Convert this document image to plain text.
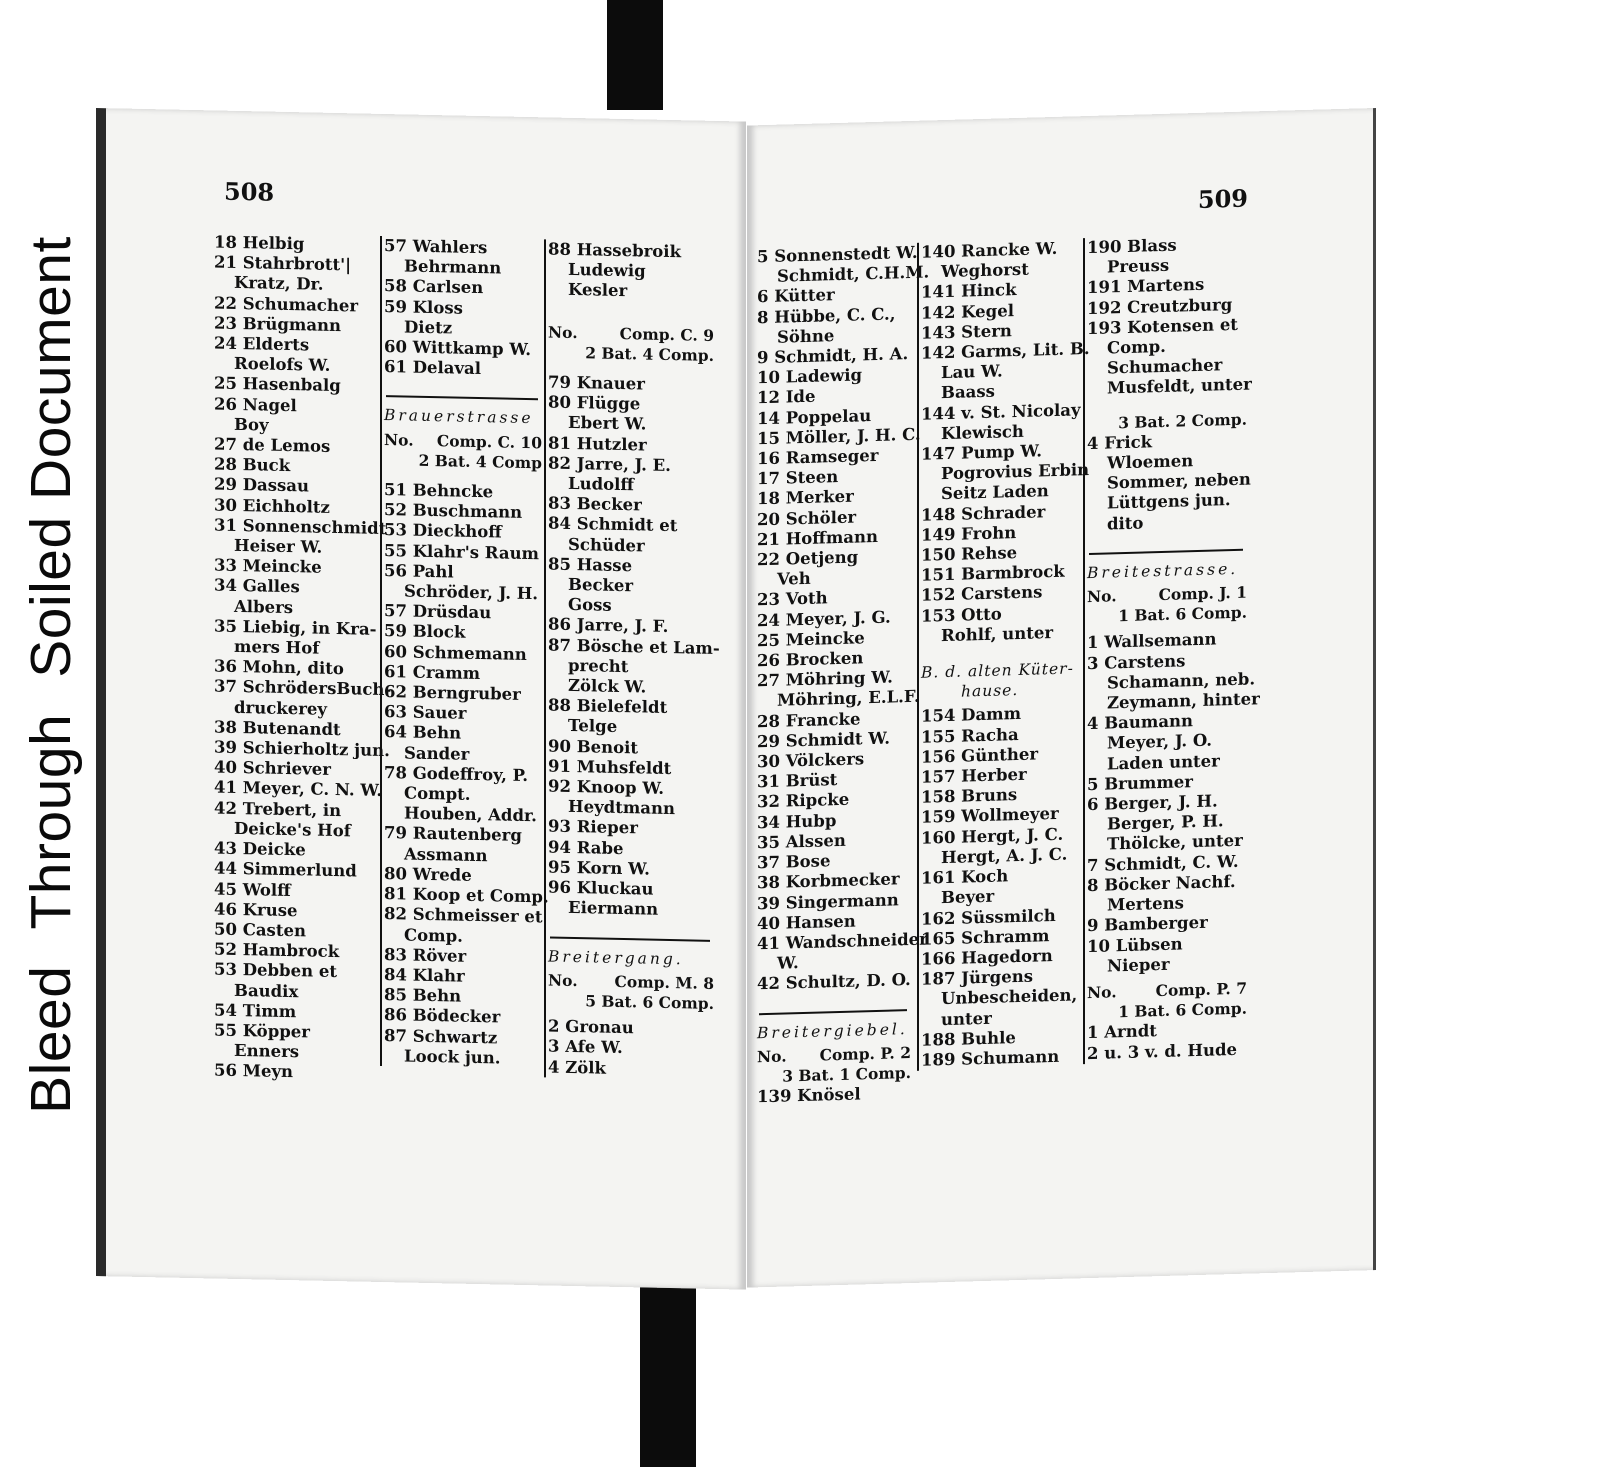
BleedThroughSoiled Document
508
18 Helbig
21 Stahrbrott'|
Kratz, Dr.
22 Schumacher
23 Brügmann
24 Elderts
Roelofs W.
25 Hasenbalg
26 Nagel
Boy
27 de Lemos
28 Buck
29 Dassau
30 Eichholtz
31 Sonnenschmidt
Heiser W.
33 Meincke
34 Galles
Albers
35 Liebig, in Kra-
mers Hof
36 Mohn, dito
37 SchrödersBuch-
druckerey
38 Butenandt
39 Schierholtz jun.
40 Schriever
41 Meyer, C. N. W.
42 Trebert, in
Deicke's Hof
43 Deicke
44 Simmerlund
45 Wolff
46 Kruse
50 Casten
52 Hambrock
53 Debben et
Baudix
54 Timm
55 Köpper
Enners
56 Meyn
57 Wahlers
Behrmann
58 Carlsen
59 Kloss
Dietz
60 Wittkamp W.
61 Delaval
Brauerstrasse
No. Comp. C. 10
2 Bat. 4 Comp
51 Behncke
52 Buschmann
53 Dieckhoff
55 Klahr's Raum
56 Pahl
Schröder, J. H.
57 Drüsdau
59 Block
60 Schmemann
61 Cramm
62 Berngruber
63 Sauer
64 Behn
Sander
78 Godeffroy, P.
Compt.
Houben, Addr.
79 Rautenberg
Assmann
80 Wrede
81 Koop et Comp.
82 Schmeisser et
Comp.
83 Röver
84 Klahr
85 Behn
86 Bödecker
87 Schwartz
Loock jun.
88 Hassebroik
Ludewig
Kesler
No.	Comp. C. 9
2 Bat. 4 Comp.
79 Knauer
80 Flügge
Ebert W.
81 Hutzler
82 Jarre, J. E.
Ludolff
83 Becker
84 Schmidt et
Schüder
85 Hasse
Becker
Goss
86 Jarre, J. F.
87 Bösche et Lam-
precht
Zölck W.
88 Bielefeldt
Telge
90 Benoit
91 Muhsfeldt
92 Knoop W.
Heydtmann
93 Rieper
94 Rabe
95 Korn W.
96 Kluckau
Eiermann
Breitergang.
No. Comp. M. 8
5 Bat. 6 Comp.
2 Gronau
3 Afe W.
4 Zölk
509
5 Sonnenstedt W.
Schmidt, C.H.M.
6 Kütter
8 Hübbe, C. C.,
Söhne
9 Schmidt, H. A.
10 Ladewig
12 Ide
14 Poppelau
15 Möller, J. H. C.
16 Ramseger
17 Steen
18 Merker
20 Schöler
21 Hoffmann
22 Oetjeng
Veh
23 Voth
24 Meyer, J. G.
25 Meincke
26 Brocken
27 Möhring W.
Möhring, E.L.F.
28 Francke
29 Schmidt W.
30 Völckers
31 Brüst
32 Ripcke
34 Hubp
35 Alssen
37 Bose
38 Korbmecker
39 Singermann
40 Hansen
41 Wandschneider
W.
42 Schultz, D. O.
Breitergiebel.
No. Comp. P. 2
3 Bat. 1 Comp.
139 Knösel
140 Rancke W.
Weghorst
141 Hinck
142 Kegel
143 Stern
142 Garms, Lit. B.
Lau W.
Baass
144 v. St. Nicolay
Klewisch
147 Pump W.
Pogrovius Erbin
Seitz Laden
148 Schrader
149 Frohn
150 Rehse
151 Barmbrock
152 Carstens
153 Otto
Rohlf, unter
B. d. alten Küter-
hause.
154 Damm
155 Racha
156 Günther
157 Herber
158 Bruns
159 Wollmeyer
160 Hergt, J. C.
Hergt, A. J. C.
161 Koch
Beyer
162 Süssmilch
165 Schramm
166 Hagedorn
187 Jürgens
Unbescheiden,
unter
188 Buhle
189 Schumann
190 Blass
Preuss
191 Martens
192 Creutzburg
193 Kotensen et
Comp.
Schumacher
Musfeldt, unter
3 Bat. 2 Comp.
4 Frick
Wloemen
Sommer, neben
Lüttgens jun.
dito
Breitestrasse.
No.	Comp. J. 1
1 Bat. 6 Comp.
1 Wallsemann
3 Carstens
Schamann, neb.
Zeymann, hinter
4 Baumann
Meyer, J. O.
Laden unter
5 Brummer
6 Berger, J. H.
Berger, P. H.
Thölcke, unter
7 Schmidt, C. W.
8 Böcker Nachf.
Mertens
9 Bamberger
10 Lübsen
Nieper
No.	Comp. P. 7
1 Bat. 6 Comp.
1 Arndt
2 u. 3 v. d. Hude
